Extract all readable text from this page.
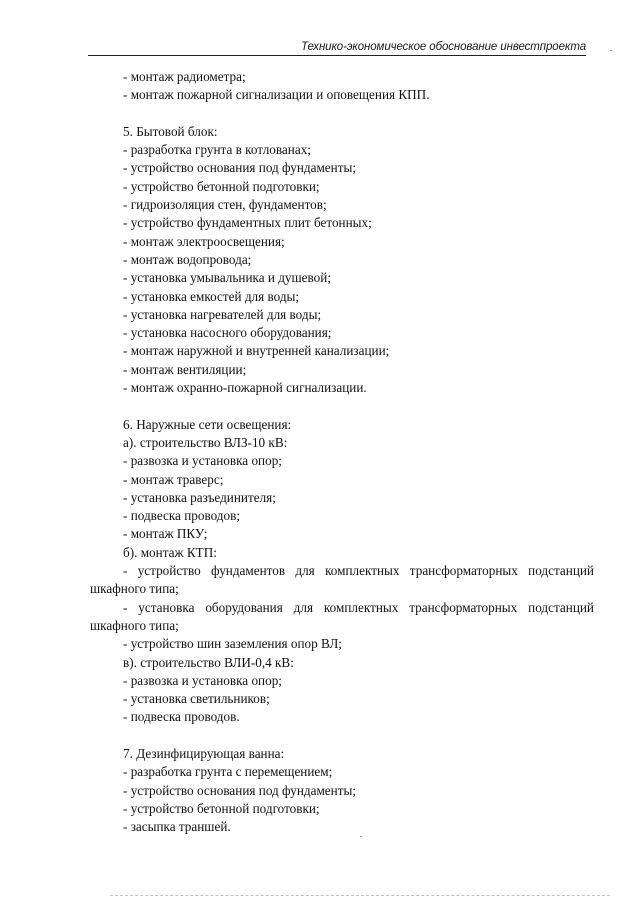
Технико-экономическое обоснование инвестпроекта
- монтаж радиометра;
- монтаж пожарной сигнализации и оповещения КПП.
5. Бытовой блок:
- разработка грунта в котлованах;
- устройство основания под фундаменты;
- устройство бетонной подготовки;
- гидроизоляция стен, фундаментов;
- устройство фундаментных плит бетонных;
- монтаж электроосвещения;
- монтаж водопровода;
- установка умывальника и душевой;
- установка емкостей для воды;
- установка нагревателей для воды;
- установка насосного оборудования;
- монтаж наружной и внутренней канализации;
- монтаж вентиляции;
- монтаж охранно-пожарной сигнализации.
6. Наружные сети освещения:
а). строительство ВЛЗ-10 кВ:
- развозка и установка опор;
- монтаж траверс;
- установка разъединителя;
- подвеска проводов;
- монтаж ПКУ;
б). монтаж КТП:
- устройство фундаментов для комплектных трансформаторных подстанций
шкафного типа;
- установка оборудования для комплектных трансформаторных подстанций
шкафного типа;
- устройство шин заземления опор ВЛ;
в). строительство ВЛИ-0,4 кВ:
- развозка и установка опор;
- установка светильников;
- подвеска проводов.
7. Дезинфицирующая ванна:
- разработка грунта с перемещением;
- устройство основания под фундаменты;
- устройство бетонной подготовки;
- засыпка траншей.
